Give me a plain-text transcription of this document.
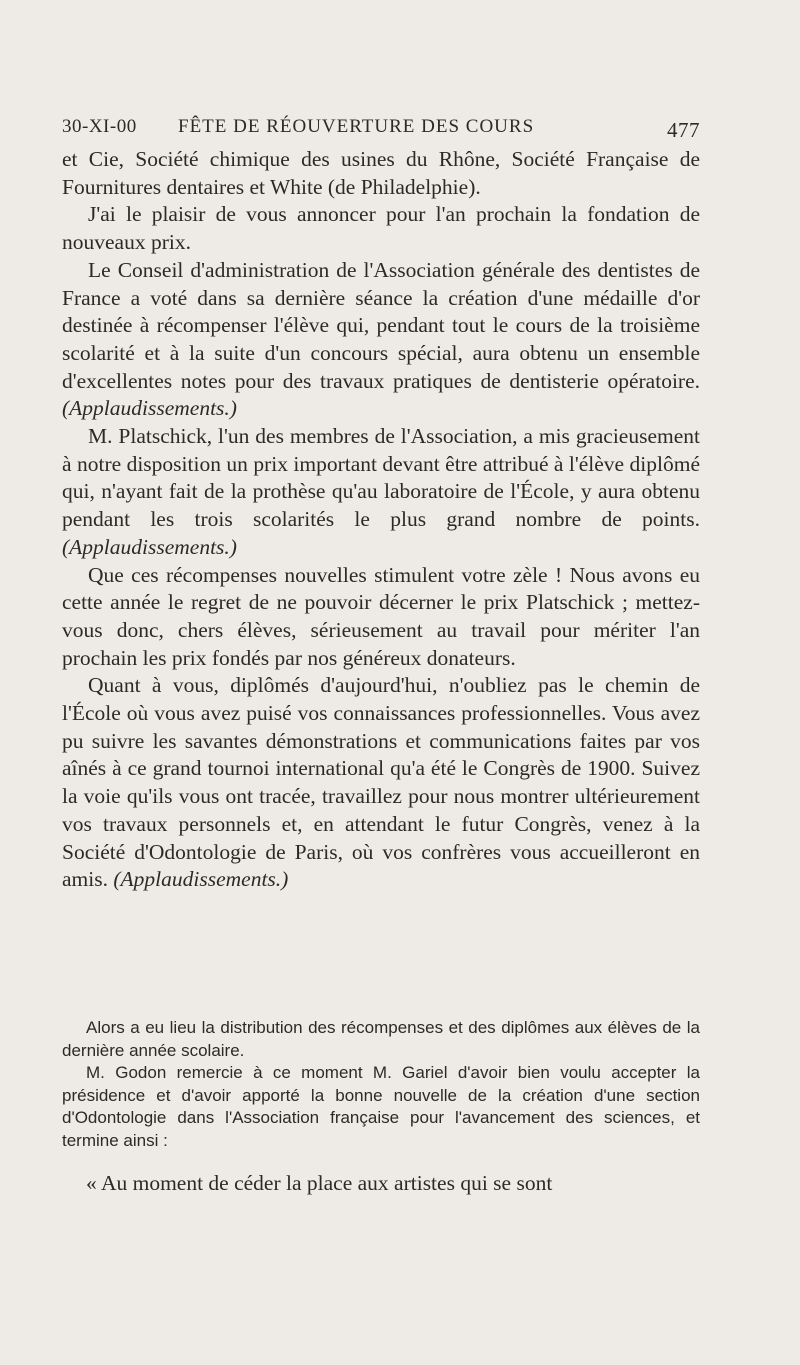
30-XI-00 FÊTE DE RÉOUVERTURE DES COURS	477

et Cie, Société chimique des usines du Rhône, Société Française de Fournitures dentaires et White (de Philadelphie).

J'ai le plaisir de vous annoncer pour l'an prochain la fondation de nouveaux prix.

Le Conseil d'administration de l'Association générale des dentistes de France a voté dans sa dernière séance la création d'une médaille d'or destinée à récompenser l'élève qui, pendant tout le cours de la troisième scolarité et à la suite d'un concours spécial, aura obtenu un ensemble d'excellentes notes pour des travaux pratiques de dentisterie opératoire. (Applaudissements.)

M. Platschick, l'un des membres de l'Association, a mis gracieusement à notre disposition un prix important devant être attribué à l'élève diplômé qui, n'ayant fait de la prothèse qu'au laboratoire de l'École, y aura obtenu pendant les trois scolarités le plus grand nombre de points. (Applaudissements.)

Que ces récompenses nouvelles stimulent votre zèle ! Nous avons eu cette année le regret de ne pouvoir décerner le prix Platschick ; mettez-vous donc, chers élèves, sérieusement au travail pour mériter l'an prochain les prix fondés par nos généreux donateurs.

Quant à vous, diplômés d'aujourd'hui, n'oubliez pas le chemin de l'École où vous avez puisé vos connaissances professionnelles. Vous avez pu suivre les savantes démonstrations et communications faites par vos aînés à ce grand tournoi international qu'a été le Congrès de 1900. Suivez la voie qu'ils vous ont tracée, travaillez pour nous montrer ultérieurement vos travaux personnels et, en attendant le futur Congrès, venez à la Société d'Odontologie de Paris, où vos confrères vous accueilleront en amis. (Applaudissements.)

Alors a eu lieu la distribution des récompenses et des diplômes aux élèves de la dernière année scolaire.

M. Godon remercie à ce moment M. Gariel d'avoir bien voulu accepter la présidence et d'avoir apporté la bonne nouvelle de la création d'une section d'Odontologie dans l'Association française pour l'avancement des sciences, et termine ainsi :

« Au moment de céder la place aux artistes qui se sont
